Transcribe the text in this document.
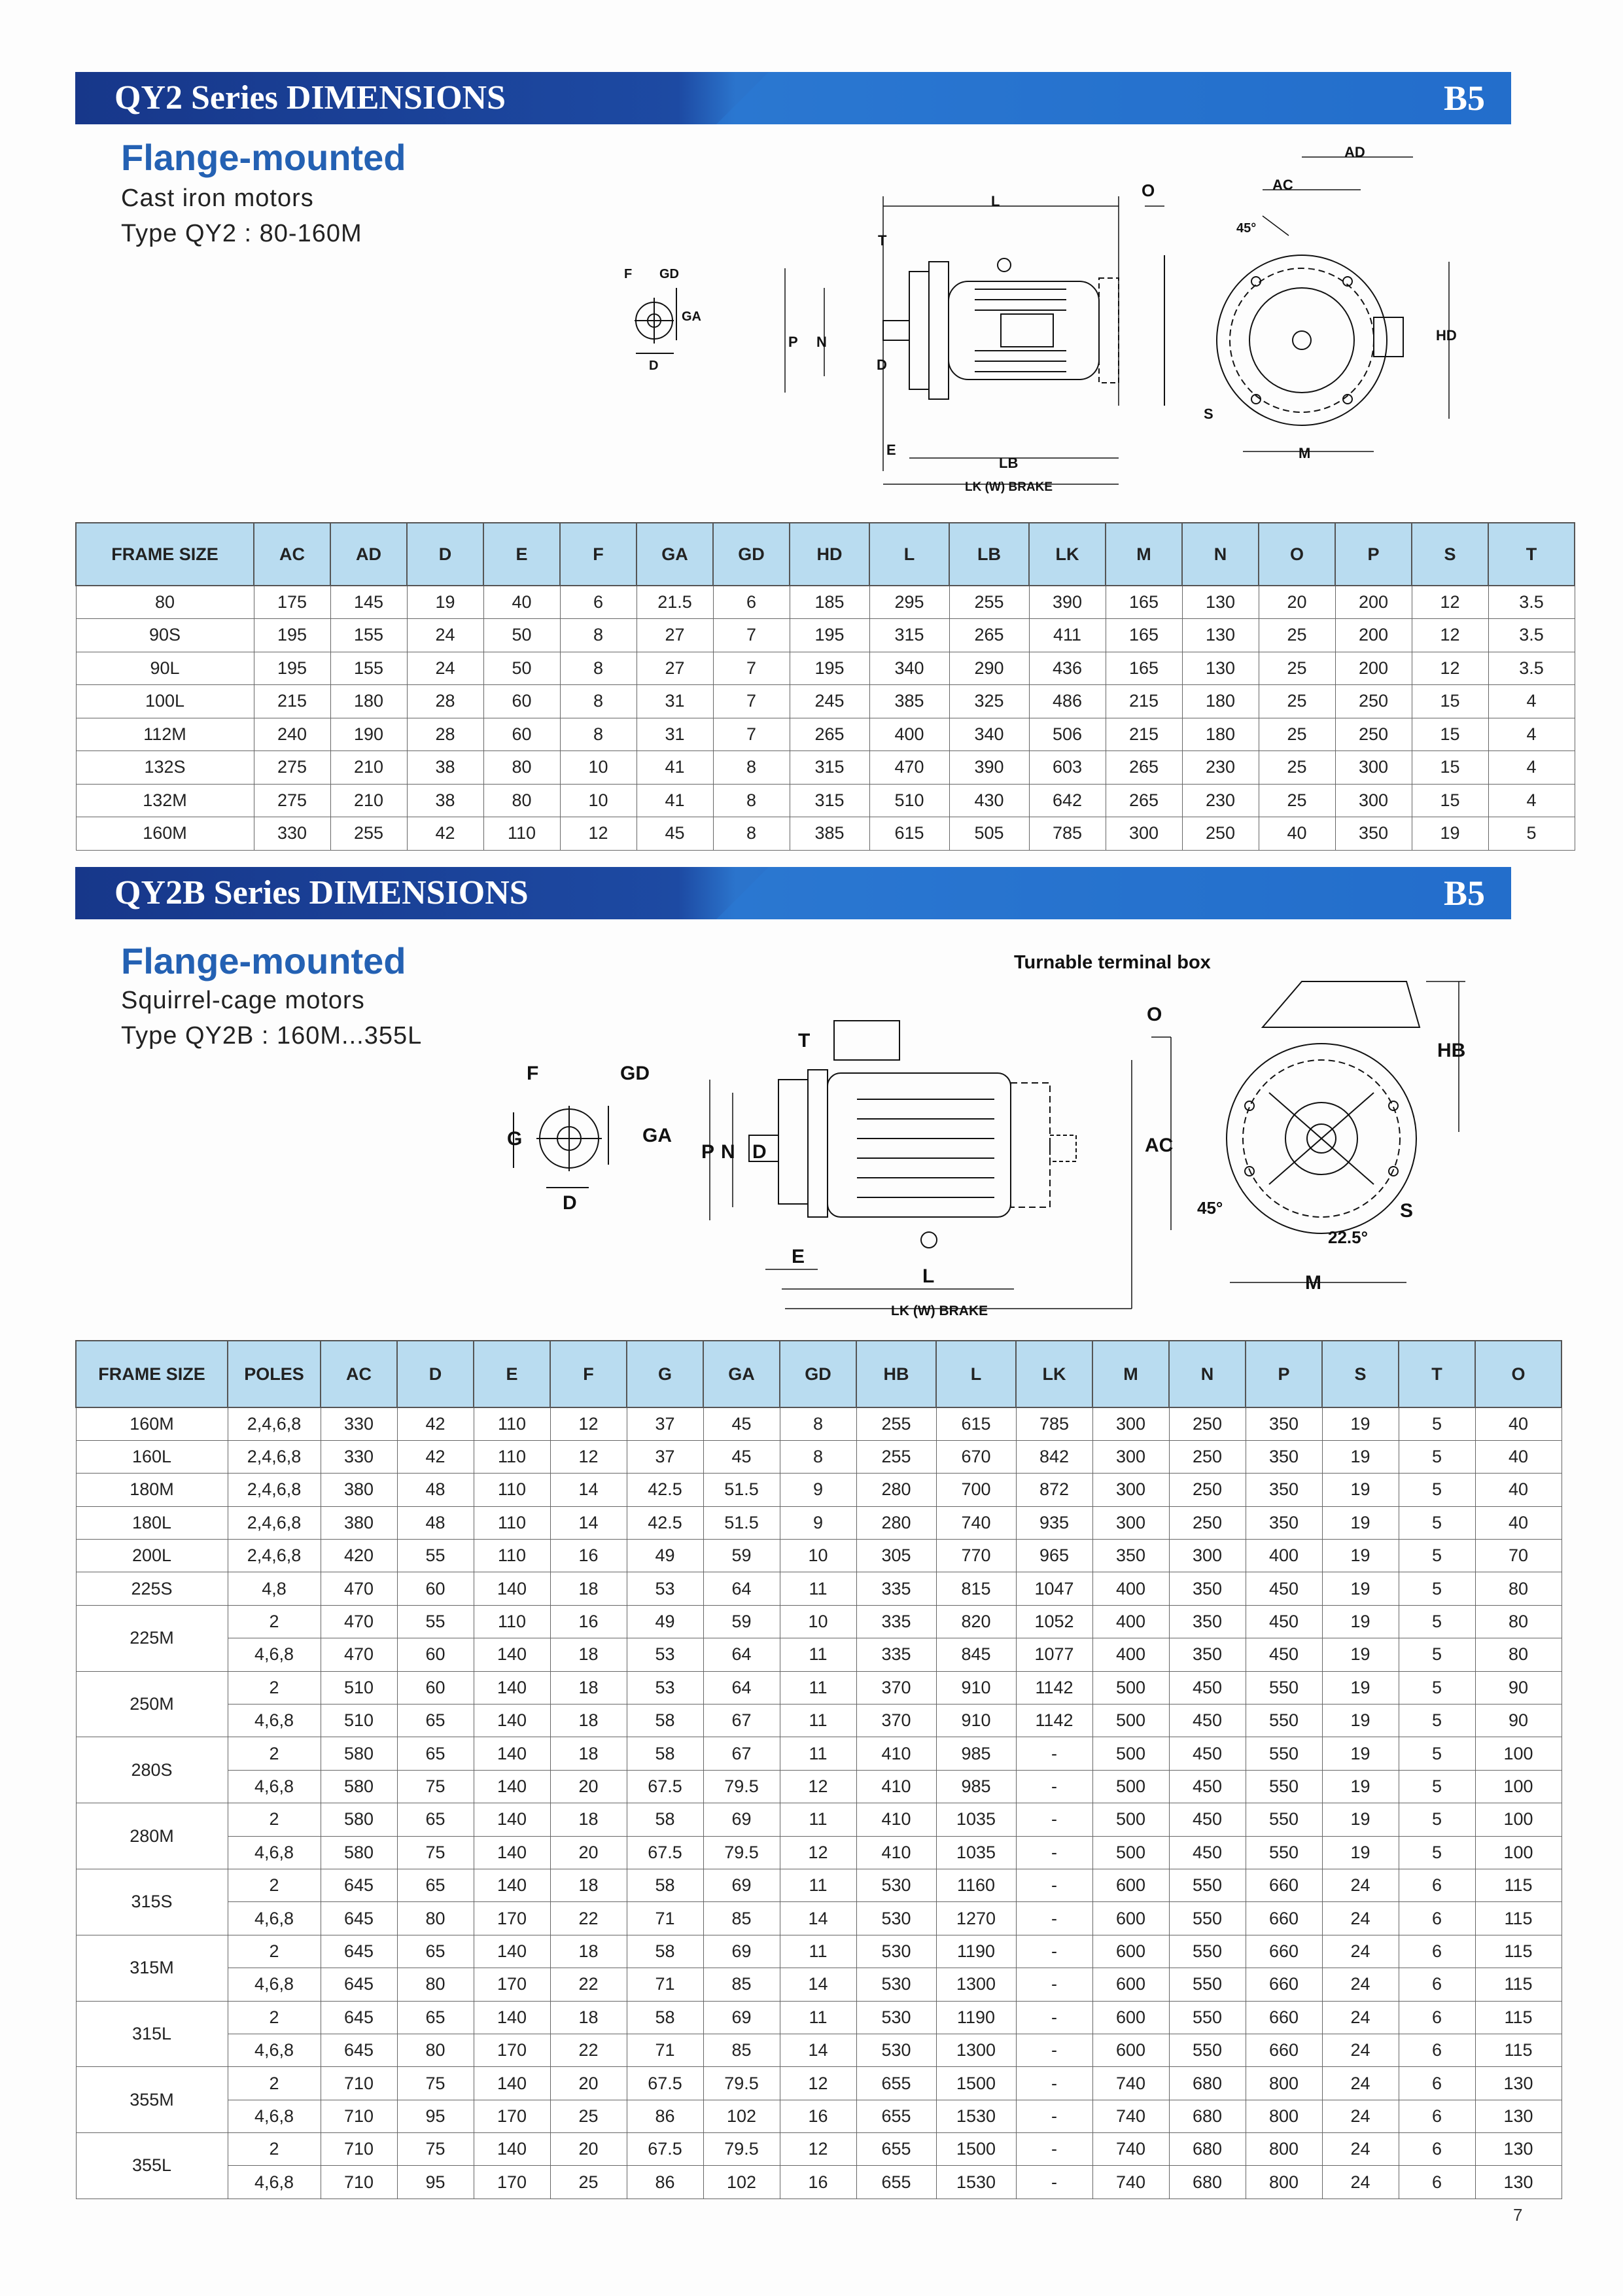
QY2 Series DIMENSIONS	B5
Flange-mounted
Cast iron motors
Type QY2 : 80-160M
F GD
GA
D
L
O
T
P N
D
E
LB
LK (W) BRAKE
AD
AC
45°
HD
S
M
FRAME SIZE	AC	AD	D	E	F	GA	GD	HD	L	LB	LK	M	N	O	P	S	T
80	175	145	19	40	6	21.5	6	185	295	255	390	165	130	20	200	12	3.5
90S	195	155	24	50	8	27	7	195	315	265	411	165	130	25	200	12	3.5
90L	195	155	24	50	8	27	7	195	340	290	436	165	130	25	200	12	3.5
100L	215	180	28	60	8	31	7	245	385	325	486	215	180	25	250	15	4
112M	240	190	28	60	8	31	7	265	400	340	506	215	180	25	250	15	4
132S	275	210	38	80	10	41	8	315	470	390	603	265	230	25	300	15	4
132M	275	210	38	80	10	41	8	315	510	430	642	265	230	25	300	15	4
160M	330	255	42	110	12	45	8	385	615	505	785	300	250	40	350	19	5
QY2B Series DIMENSIONS	B5
Flange-mounted
Squirrel-cage motors
Type QY2B : 160M...355L
F	GD
G	GA
D
T
P N D
E
L
LK (W) BRAKE
O
AC
Turnable terminal box
HB
45°
22.5°
S
M
FRAME SIZE	POLES	AC	D	E	F	G	GA	GD	HB	L	LK	M	N	P	S	T	O
160M	2,4,6,8	330	42	110	12	37	45	8	255	615	785	300	250	350	19	5	40
160L	2,4,6,8	330	42	110	12	37	45	8	255	670	842	300	250	350	19	5	40
180M	2,4,6,8	380	48	110	14	42.5	51.5	9	280	700	872	300	250	350	19	5	40
180L	2,4,6,8	380	48	110	14	42.5	51.5	9	280	740	935	300	250	350	19	5	40
200L	2,4,6,8	420	55	110	16	49	59	10	305	770	965	350	300	400	19	5	70
225S	4,8	470	60	140	18	53	64	11	335	815	1047	400	350	450	19	5	80
225M	2	470	55	110	16	49	59	10	335	820	1052	400	350	450	19	5	80
	4,6,8	470	60	140	18	53	64	11	335	845	1077	400	350	450	19	5	80
250M	2	510	60	140	18	53	64	11	370	910	1142	500	450	550	19	5	90
	4,6,8	510	65	140	18	58	67	11	370	910	1142	500	450	550	19	5	90
280S	2	580	65	140	18	58	67	11	410	985	-	500	450	550	19	5	100
	4,6,8	580	75	140	20	67.5	79.5	12	410	985	-	500	450	550	19	5	100
280M	2	580	65	140	18	58	69	11	410	1035	-	500	450	550	19	5	100
	4,6,8	580	75	140	20	67.5	79.5	12	410	1035	-	500	450	550	19	5	100
315S	2	645	65	140	18	58	69	11	530	1160	-	600	550	660	24	6	115
	4,6,8	645	80	170	22	71	85	14	530	1270	-	600	550	660	24	6	115
315M	2	645	65	140	18	58	69	11	530	1190	-	600	550	660	24	6	115
	4,6,8	645	80	170	22	71	85	14	530	1300	-	600	550	660	24	6	115
315L	2	645	65	140	18	58	69	11	530	1190	-	600	550	660	24	6	115
	4,6,8	645	80	170	22	71	85	14	530	1300	-	600	550	660	24	6	115
355M	2	710	75	140	20	67.5	79.5	12	655	1500	-	740	680	800	24	6	130
	4,6,8	710	95	170	25	86	102	16	655	1530	-	740	680	800	24	6	130
355L	2	710	75	140	20	67.5	79.5	12	655	1500	-	740	680	800	24	6	130
	4,6,8	710	95	170	25	86	102	16	655	1530	-	740	680	800	24	6	130
7
